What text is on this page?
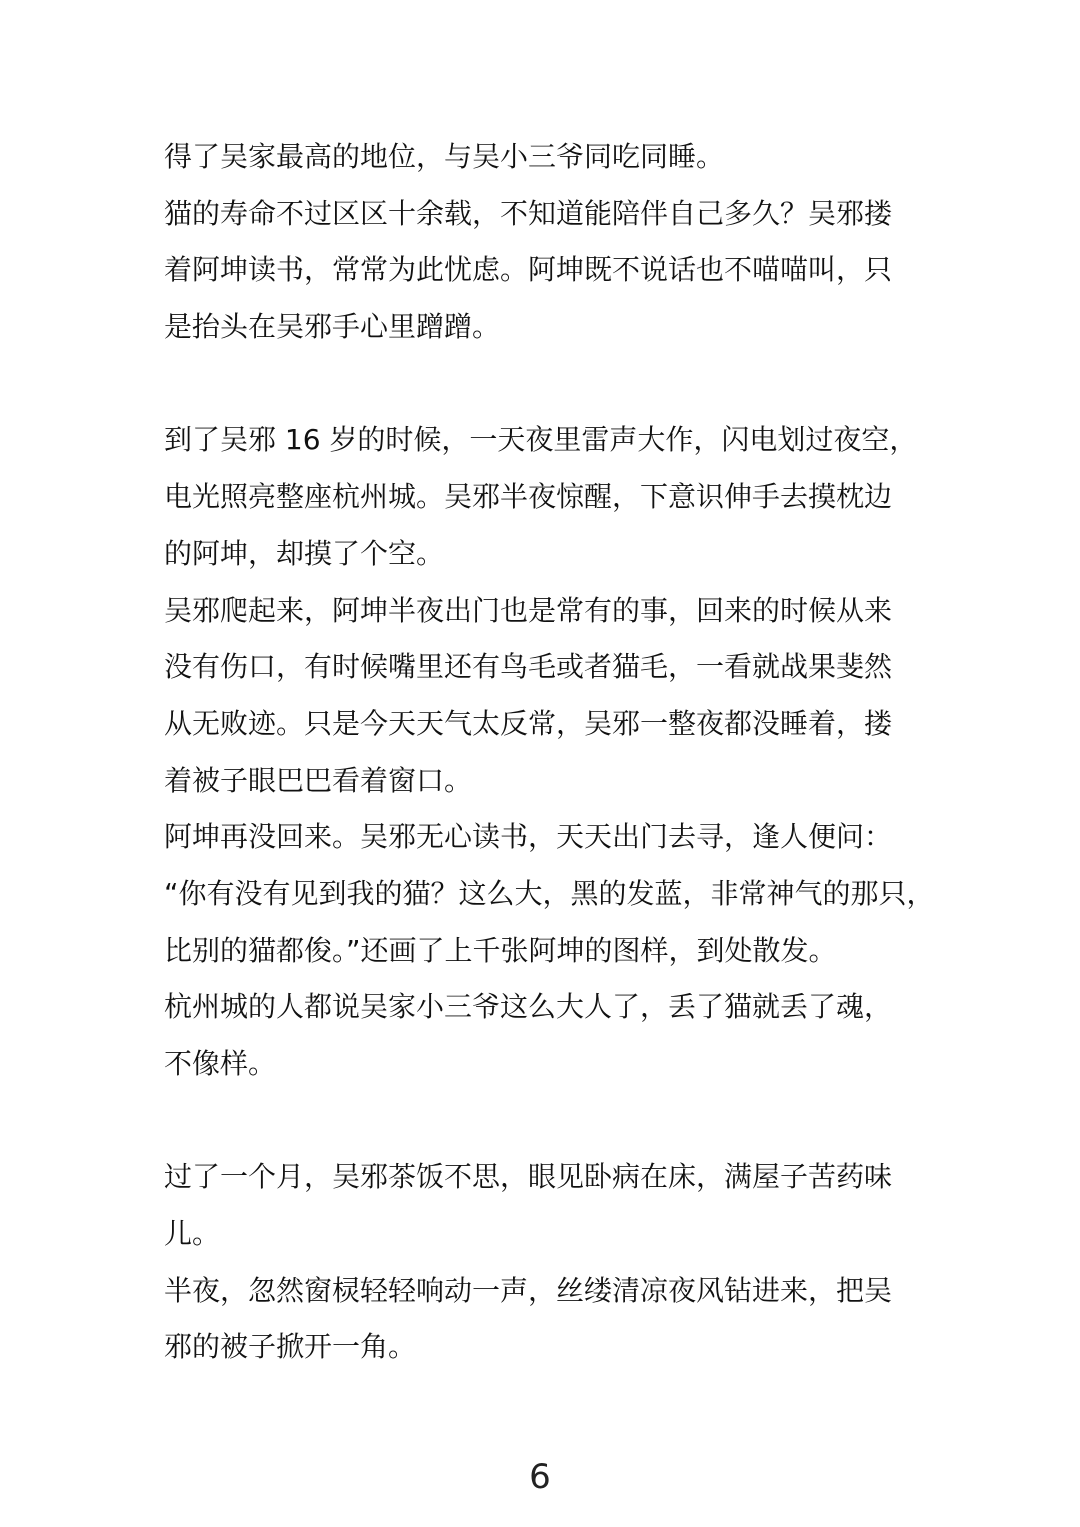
得了吴家最高的地位，与吴小三爷同吃同睡。
猫的寿命不过区区十余载，不知道能陪伴自己多久？吴邪搂
着阿坤读书，常常为此忧虑。阿坤既不说话也不喵喵叫，只
是抬头在吴邪手心里蹭蹭。
到了吴邪 16 岁的时候，一天夜里雷声大作，闪电划过夜空，
电光照亮整座杭州城。吴邪半夜惊醒，下意识伸手去摸枕边
的阿坤，却摸了个空。
吴邪爬起来，阿坤半夜出门也是常有的事，回来的时候从来
没有伤口，有时候嘴里还有鸟毛或者猫毛，一看就战果斐然
从无败迹。只是今天天气太反常，吴邪一整夜都没睡着，搂
着被子眼巴巴看着窗口。
阿坤再没回来。吴邪无心读书，天天出门去寻，逢人便问：
“你有没有见到我的猫？这么大，黑的发蓝，非常神气的那只，
比别的猫都俊。”还画了上千张阿坤的图样，到处散发。
杭州城的人都说吴家小三爷这么大人了，丢了猫就丢了魂，
不像样。
过了一个月，吴邪茶饭不思，眼见卧病在床，满屋子苦药味
儿。
半夜，忽然窗棂轻轻响动一声，丝缕清凉夜风钻进来，把吴
邪的被子掀开一角。
6
